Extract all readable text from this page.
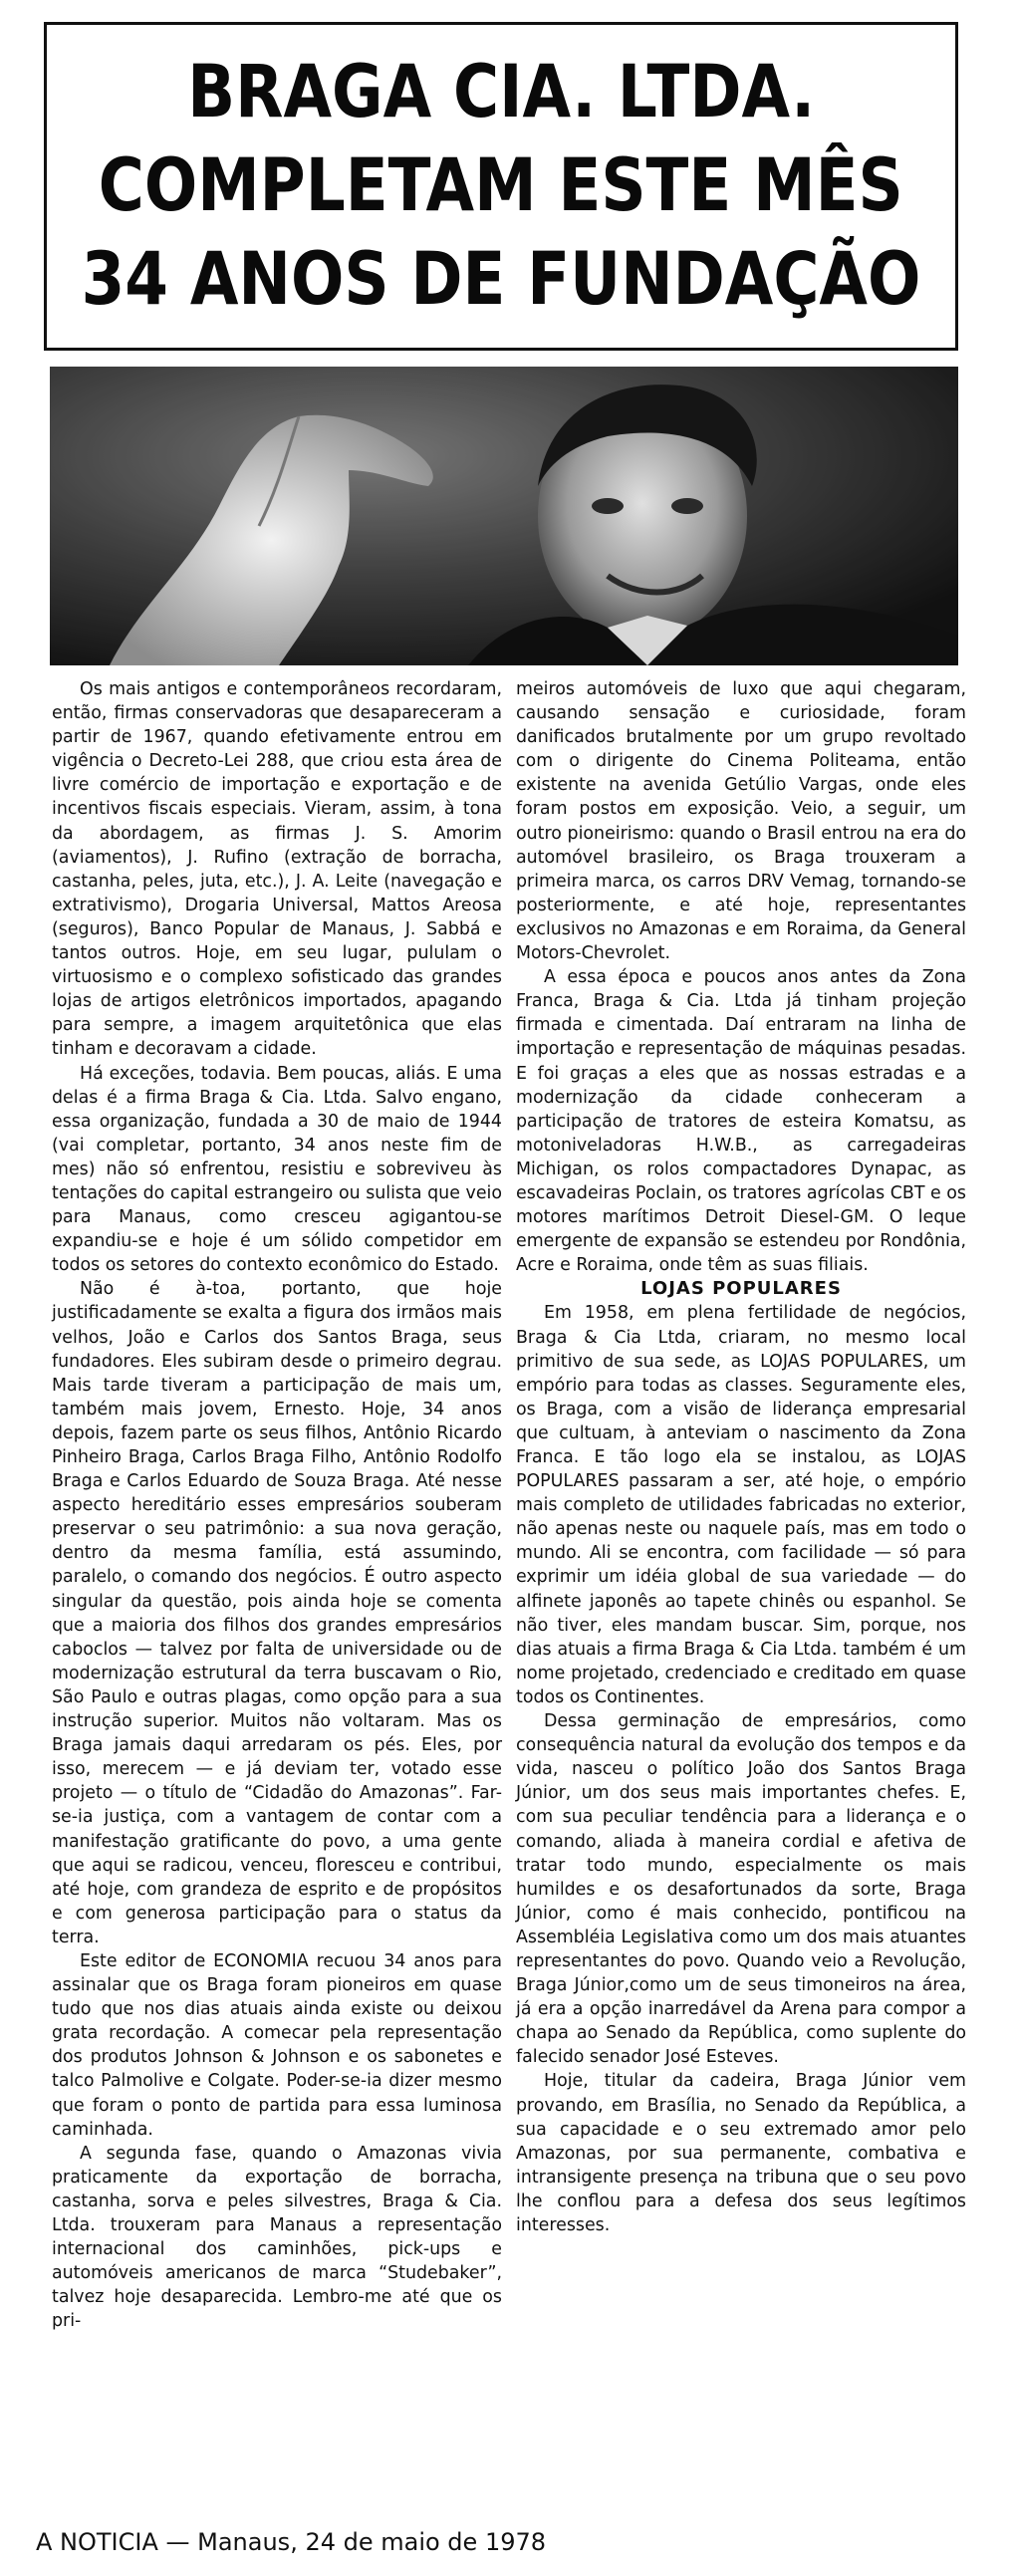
BRAGA CIA. LTDA.
COMPLETAM ESTE MÊS
34 ANOS DE FUNDAÇÃO

Os mais antigos e contemporâneos recordaram, então, firmas conservadoras que desapareceram a partir de 1967, quando efetivamente entrou em vigência o Decreto-Lei 288, que criou esta área de livre comércio de importação e exportação e de incentivos fiscais especiais. Vieram, assim, à tona da abordagem, as firmas J. S. Amorim (aviamentos), J. Rufino (extração de borracha, castanha, peles, juta, etc.), J. A. Leite (navegação e extrativismo), Drogaria Universal, Mattos Areosa (seguros), Banco Popular de Manaus, J. Sabbá e tantos outros. Hoje, em seu lugar, pululam o virtuosismo e o complexo sofisticado das grandes lojas de artigos eletrônicos importados, apagando para sempre, a imagem arquitetônica que elas tinham e decoravam a cidade.

Há exceções, todavia. Bem poucas, aliás. E uma delas é a firma Braga & Cia. Ltda. Salvo engano, essa organização, fundada a 30 de maio de 1944 (vai completar, portanto, 34 anos neste fim de mes) não só enfrentou, resistiu e sobreviveu às tentações do capital estrangeiro ou sulista que veio para Manaus, como cresceu agigantou-se expandiu-se e hoje é um sólido competidor em todos os setores do contexto econômico do Estado.

Não é à-toa, portanto, que hoje justificadamente se exalta a figura dos irmãos mais velhos, João e Carlos dos Santos Braga, seus fundadores. Eles subiram desde o primeiro degrau. Mais tarde tiveram a participação de mais um, também mais jovem, Ernesto. Hoje, 34 anos depois, fazem parte os seus filhos, Antônio Ricardo Pinheiro Braga, Carlos Braga Filho, Antônio Rodolfo Braga e Carlos Eduardo de Souza Braga. Até nesse aspecto hereditário esses empresários souberam preservar o seu patrimônio: a sua nova geração, dentro da mesma família, está assumindo, paralelo, o comando dos negócios. É outro aspecto singular da questão, pois ainda hoje se comenta que a maioria dos filhos dos grandes empresários caboclos — talvez por falta de universidade ou de modernização estrutural da terra buscavam o Rio, São Paulo e outras plagas, como opção para a sua instrução superior. Muitos não voltaram. Mas os Braga jamais daqui arredaram os pés. Eles, por isso, merecem — e já deviam ter, votado esse projeto — o título de “Cidadão do Amazonas”. Far-se-ia justiça, com a vantagem de contar com a manifestação gratificante do povo, a uma gente que aqui se radicou, venceu, floresceu e contribui, até hoje, com grandeza de esprito e de propósitos e com generosa participação para o status da terra.

Este editor de ECONOMIA recuou 34 anos para assinalar que os Braga foram pioneiros em quase tudo que nos dias atuais ainda existe ou deixou grata recordação. A comecar pela representação dos produtos Johnson & Johnson e os sabonetes e talco Palmolive e Colgate. Poder-se-ia dizer mesmo que foram o ponto de partida para essa luminosa caminhada.

A segunda fase, quando o Amazonas vivia praticamente da exportação de borracha, castanha, sorva e peles silvestres, Braga & Cia. Ltda. trouxeram para Manaus a representação internacional dos caminhões, pick-ups e automóveis americanos de marca “Studebaker”, talvez hoje desaparecida. Lembro-me até que os pri-

meiros automóveis de luxo que aqui chegaram, causando sensação e curiosidade, foram danificados brutalmente por um grupo revoltado com o dirigente do Cinema Politeama, então existente na avenida Getúlio Vargas, onde eles foram postos em exposição. Veio, a seguir, um outro pioneirismo: quando o Brasil entrou na era do automóvel brasileiro, os Braga trouxeram a primeira marca, os carros DRV Vemag, tornando-se posteriormente, e até hoje, representantes exclusivos no Amazonas e em Roraima, da General Motors-Chevrolet.

A essa época e poucos anos antes da Zona Franca, Braga & Cia. Ltda já tinham projeção firmada e cimentada. Daí entraram na linha de importação e representação de máquinas pesadas. E foi graças a eles que as nossas estradas e a modernização da cidade conheceram a participação de tratores de esteira Komatsu, as motoniveladoras H.W.B., as carregadeiras Michigan, os rolos compactadores Dynapac, as escavadeiras Poclain, os tratores agrícolas CBT e os motores marítimos Detroit Diesel-GM. O leque emergente de expansão se estendeu por Rondônia, Acre e Roraima, onde têm as suas filiais.

LOJAS POPULARES

Em 1958, em plena fertilidade de negócios, Braga & Cia Ltda, criaram, no mesmo local primitivo de sua sede, as LOJAS POPULARES, um empório para todas as classes. Seguramente eles, os Braga, com a visão de liderança empresarial que cultuam, à anteviam o nascimento da Zona Franca. E tão logo ela se instalou, as LOJAS POPULARES passaram a ser, até hoje, o empório mais completo de utilidades fabricadas no exterior, não apenas neste ou naquele país, mas em todo o mundo. Ali se encontra, com facilidade — só para exprimir um idéia global de sua variedade — do alfinete japonês ao tapete chinês ou espanhol. Se não tiver, eles mandam buscar. Sim, porque, nos dias atuais a firma Braga & Cia Ltda. também é um nome projetado, credenciado e creditado em quase todos os Continentes.

Dessa germinação de empresários, como consequência natural da evolução dos tempos e da vida, nasceu o político João dos Santos Braga Júnior, um dos seus mais importantes chefes. E, com sua peculiar tendência para a liderança e o comando, aliada à maneira cordial e afetiva de tratar todo mundo, especialmente os mais humildes e os desafortunados da sorte, Braga Júnior, como é mais conhecido, pontificou na Assembléia Legislativa como um dos mais atuantes representantes do povo. Quando veio a Revolução, Braga Júnior,como um de seus timoneiros na área, já era a opção inarredável da Arena para compor a chapa ao Senado da República, como suplente do falecido senador José Esteves.

Hoje, titular da cadeira, Braga Júnior vem provando, em Brasília, no Senado da República, a sua capacidade e o seu extremado amor pelo Amazonas, por sua permanente, combativa e intransigente presença na tribuna que o seu povo lhe conflou para a defesa dos seus legítimos interesses.

A NOTICIA — Manaus, 24 de maio de 1978
